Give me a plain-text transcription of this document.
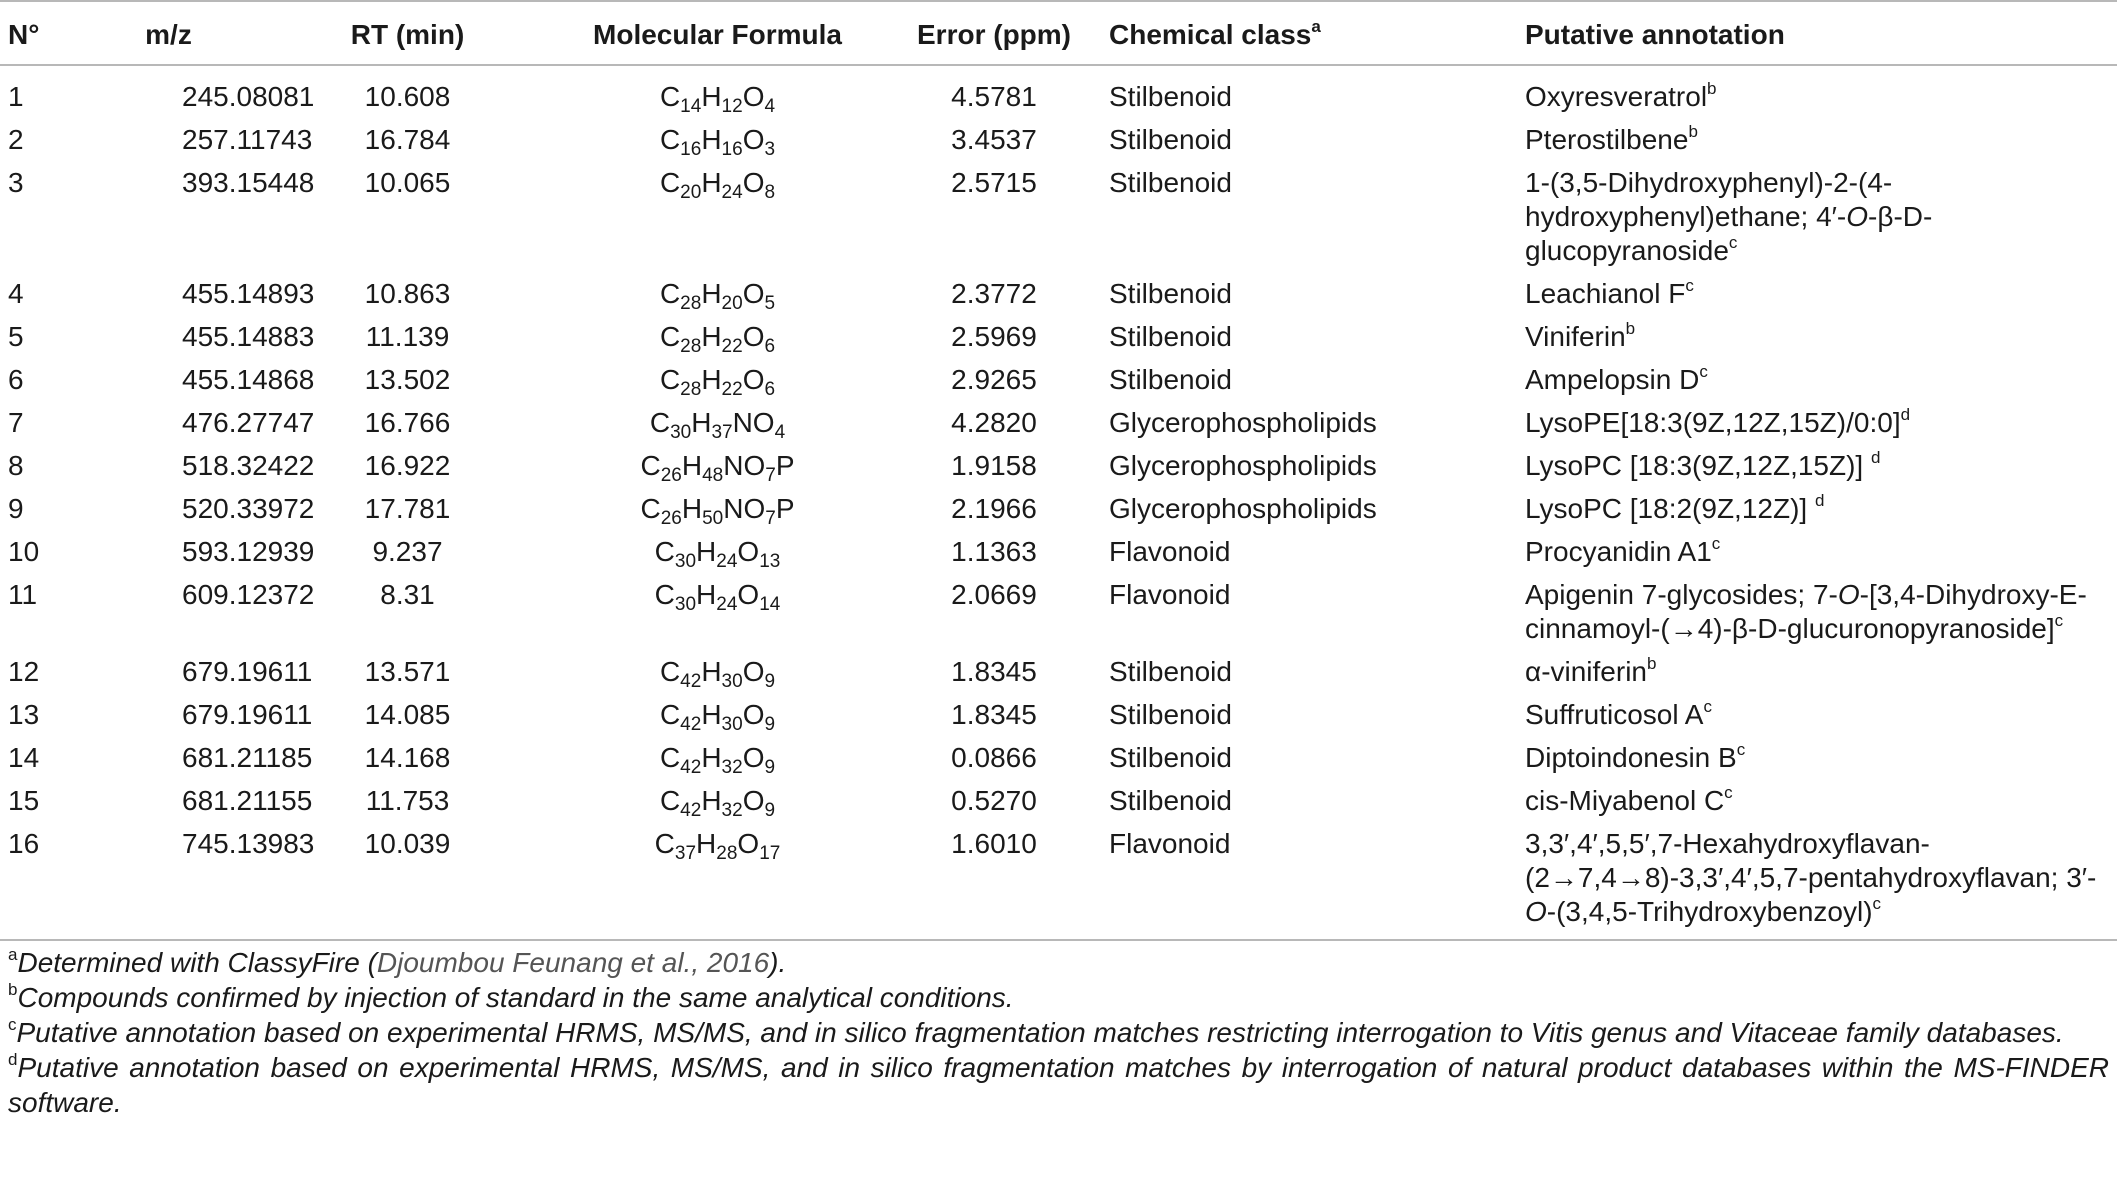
N°	m/z	RT (min)	Molecular Formula	Error (ppm)	Chemical class$^a$	Putative annotation
1	245.08081	10.608	$C_{14}H_{12}O_4$	4.5781	Stilbenoid	Oxyresveratrol$^b$
2	257.11743	16.784	$C_{16}H_{16}O_3$	3.4537	Stilbenoid	Pterostilbene$^b$
3	393.15448	10.065	$C_{20}H_{24}O_8$	2.5715	Stilbenoid	1-(3,5-Dihydroxyphenyl)-2-(4-hydroxyphenyl)ethane; 4′-O-β-D-glucopyranoside$^c$
4	455.14893	10.863	$C_{28}H_{20}O_5$	2.3772	Stilbenoid	Leachianol $F^c$
5	455.14883	11.139	$C_{28}H_{22}O_6$	2.5969	Stilbenoid	Viniferin$^b$
6	455.14868	13.502	$C_{28}H_{22}O_6$	2.9265	Stilbenoid	Ampelopsin $D^c$
7	476.27747	16.766	$C_{30}H_{37}NO_4$	4.2820	Glycerophospholipids	LysoPE[18:3(9Z,12Z,15Z)/0:0]$^d$
8	518.32422	16.922	$C_{26}H_{48}NO_7P$	1.9158	Glycerophospholipids	LysoPC [18:3(9Z,12Z,15Z)] $^d$
9	520.33972	17.781	$C_{26}H_{50}NO_7P$	2.1966	Glycerophospholipids	LysoPC [18:2(9Z,12Z)] $^d$
10	593.12939	9.237	$C_{30}H_{24}O_{13}$	1.1363	Flavonoid	Procyanidin A1$^c$
11	609.12372	8.31	$C_{30}H_{24}O_{14}$	2.0669	Flavonoid	Apigenin 7-glycosides; 7-O-[3,4-Dihydroxy-E-cinnamoyl-(→4)-β-D-glucuronopyranoside]$^c$
12	679.19611	13.571	$C_{42}H_{30}O_9$	1.8345	Stilbenoid	α-viniferin$^b$
13	679.19611	14.085	$C_{42}H_{30}O_9$	1.8345	Stilbenoid	Suffruticosol $A^c$
14	681.21185	14.168	$C_{42}H_{32}O_9$	0.0866	Stilbenoid	Diptoindonesin $B^c$
15	681.21155	11.753	$C_{42}H_{32}O_9$	0.5270	Stilbenoid	cis-Miyabenol $C^c$
16	745.13983	10.039	$C_{37}H_{28}O_{17}$	1.6010	Flavonoid	3,3′,4′,5,5′,7-Hexahydroxyflavan-(2→7,4→8)-3,3′,4′,5,7-pentahydroxyflavan; 3′-O-(3,4,5-Trihydroxybenzoyl)$^c$
$^a$Determined with ClassyFire (Djoumbou Feunang et al., 2016).
$^b$Compounds confirmed by injection of standard in the same analytical conditions.
$^c$Putative annotation based on experimental HRMS, MS/MS, and in silico fragmentation matches restricting interrogation to Vitis genus and Vitaceae family databases.
$^d$Putative annotation based on experimental HRMS, MS/MS, and in silico fragmentation matches by interrogation of natural product databases within the MS-FINDER software.
